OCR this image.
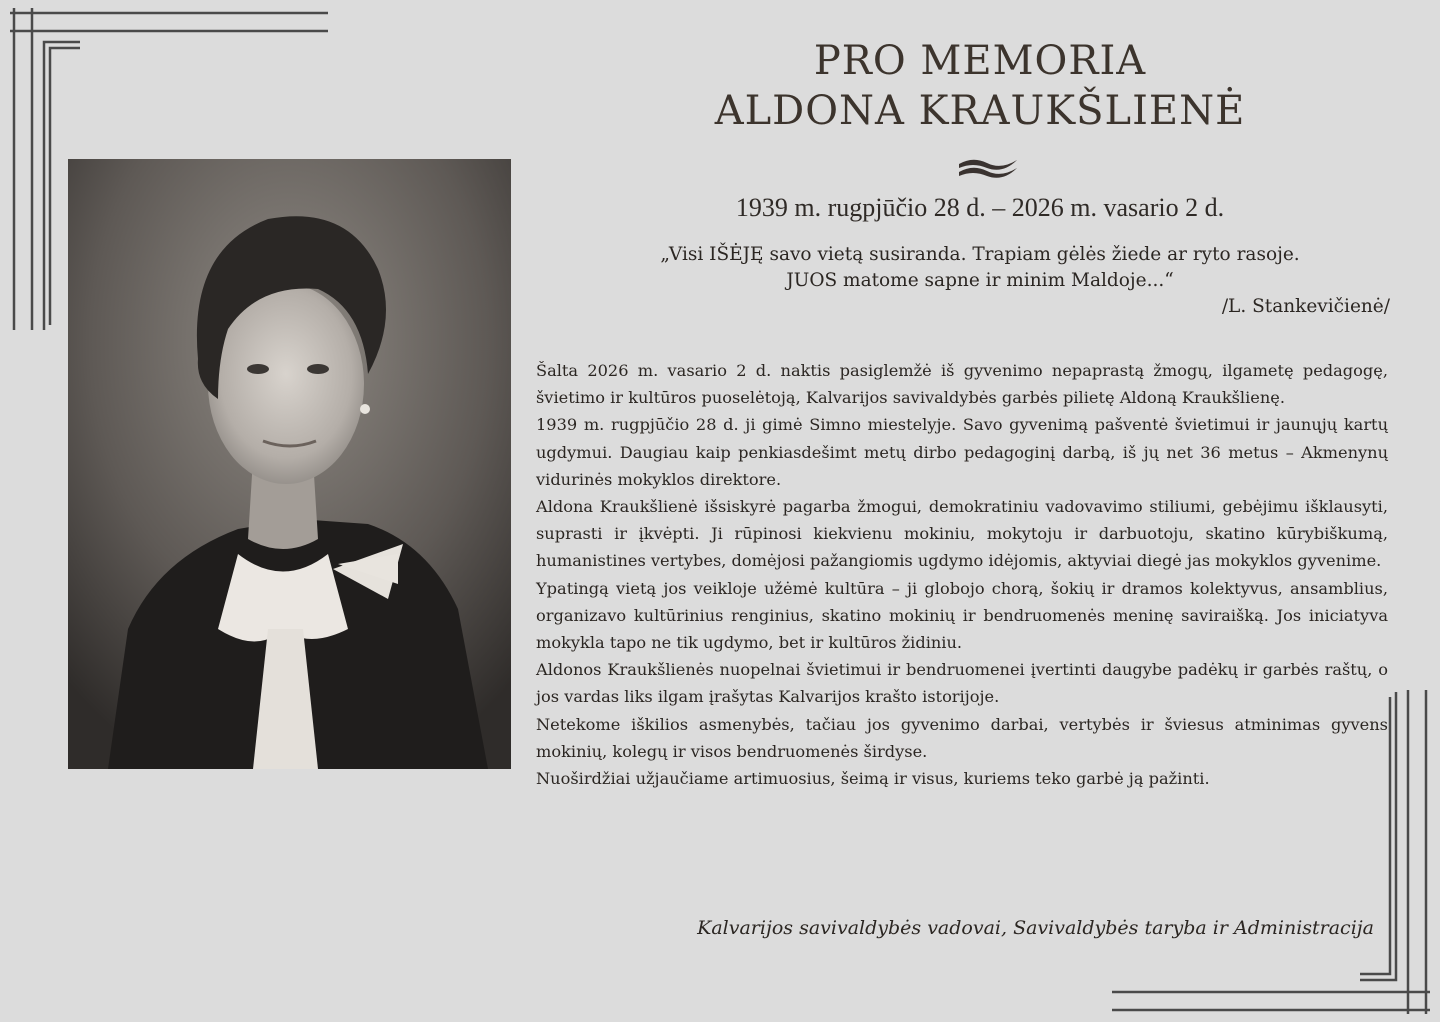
PRO MEMORIA
ALDONA KRAUKŠLIENĖ
1939 m. rugpjūčio 28 d. – 2026 m. vasario 2 d.
„Visi IŠĖJĘ savo vietą susiranda. Trapiam gėlės žiede ar ryto rasoje.
JUOS matome sapne ir minim Maldoje...“
/L. Stankevičienė/

Šalta 2026 m. vasario 2 d. naktis pasiglemžė iš gyvenimo nepaprastą žmogų, ilgametę pedagogę, švietimo ir kultūros puoselėtoją, Kalvarijos savivaldybės garbės pilietę Aldoną Kraukšlienę.

1939 m. rugpjūčio 28 d. ji gimė Simno miestelyje. Savo gyvenimą pašventė švietimui ir jaunųjų kartų ugdymui. Daugiau kaip penkiasdešimt metų dirbo pedagoginį darbą, iš jų net 36 metus – Akmenynų vidurinės mokyklos direktore.

Aldona Kraukšlienė išsiskyrė pagarba žmogui, demokratiniu vadovavimo stiliumi, gebėjimu išklausyti, suprasti ir įkvėpti. Ji rūpinosi kiekvienu mokiniu, mokytoju ir darbuotoju, skatino kūrybiškumą, humanistines vertybes, domėjosi pažangiomis ugdymo idėjomis, aktyviai diegė jas mokyklos gyvenime.

Ypatingą vietą jos veikloje užėmė kultūra – ji globojo chorą, šokių ir dramos kolektyvus, ansamblius, organizavo kultūrinius renginius, skatino mokinių ir bendruomenės meninę saviraišką. Jos iniciatyva mokykla tapo ne tik ugdymo, bet ir kultūros židiniu.

Aldonos Kraukšlienės nuopelnai švietimui ir bendruomenei įvertinti daugybe padėkų ir garbės raštų, o jos vardas liks ilgam įrašytas Kalvarijos krašto istorijoje.

Netekome iškilios asmenybės, tačiau jos gyvenimo darbai, vertybės ir šviesus atminimas gyvens mokinių, kolegų ir visos bendruomenės širdyse.

Nuoširdžiai užjaučiame artimuosius, šeimą ir visus, kuriems teko garbė ją pažinti.

Kalvarijos savivaldybės vadovai, Savivaldybės taryba ir Administracija
